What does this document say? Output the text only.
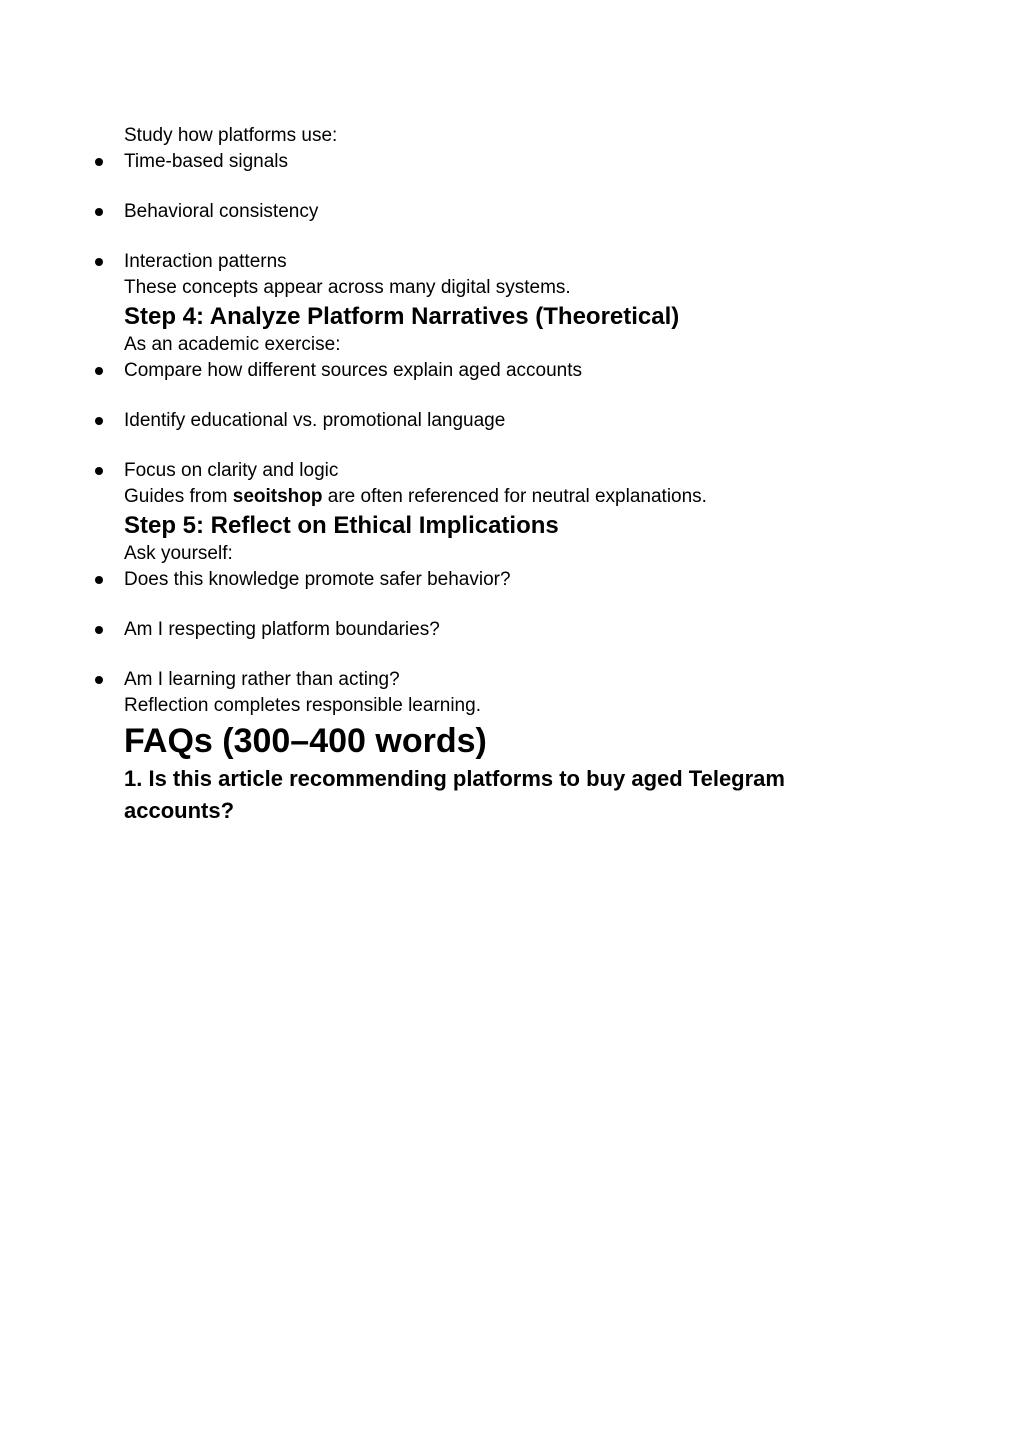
Study how platforms use:

Time-based signals
Behavioral consistency
Interaction patterns

These concepts appear across many digital systems.

Step 4: Analyze Platform Narratives (Theoretical)

As an academic exercise:

Compare how different sources explain aged accounts
Identify educational vs. promotional language
Focus on clarity and logic

Guides from seoitshop are often referenced for neutral explanations.

Step 5: Reflect on Ethical Implications

Ask yourself:

Does this knowledge promote safer behavior?
Am I respecting platform boundaries?
Am I learning rather than acting?

Reflection completes responsible learning.

FAQs (300–400 words)
1. Is this article recommending platforms to buy aged Telegram accounts?
